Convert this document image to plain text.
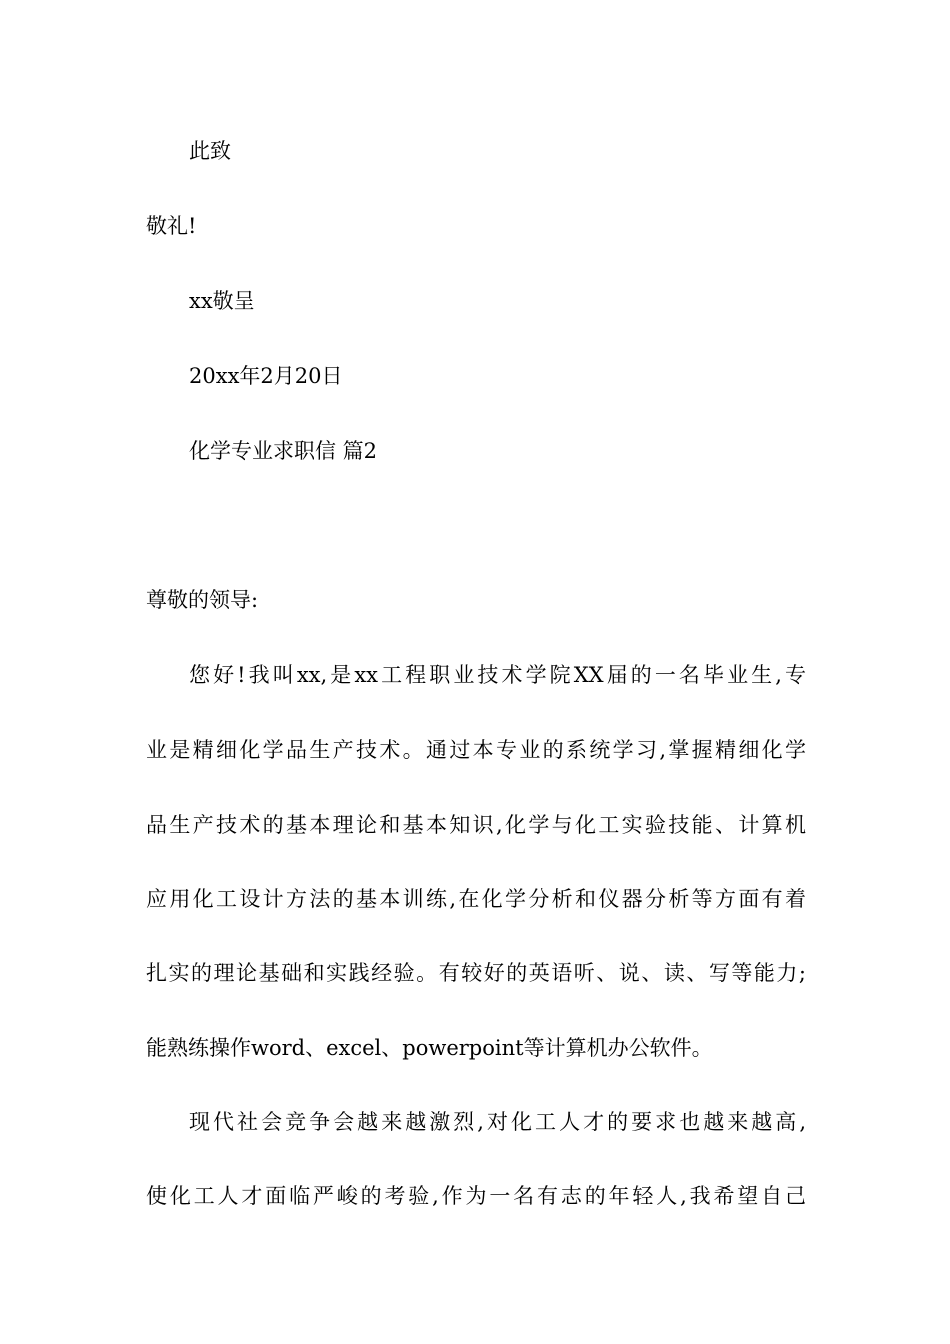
此致
敬礼!
xx敬呈
20xx年2月20日
化学专业求职信 篇2
尊敬的领导:
您好!我叫xx,是xx工程职业技术学院XX届的一名毕业生,专
业是精细化学品生产技术。通过本专业的系统学习,掌握精细化学
品生产技术的基本理论和基本知识,化学与化工实验技能、计算机
应用化工设计方法的基本训练,在化学分析和仪器分析等方面有着
扎实的理论基础和实践经验。有较好的英语听、说、读、写等能力;
能熟练操作word、excel、powerpoint等计算机办公软件。
现代社会竞争会越来越激烈,对化工人才的要求也越来越高,
使化工人才面临严峻的考验,作为一名有志的年轻人,我希望自己
